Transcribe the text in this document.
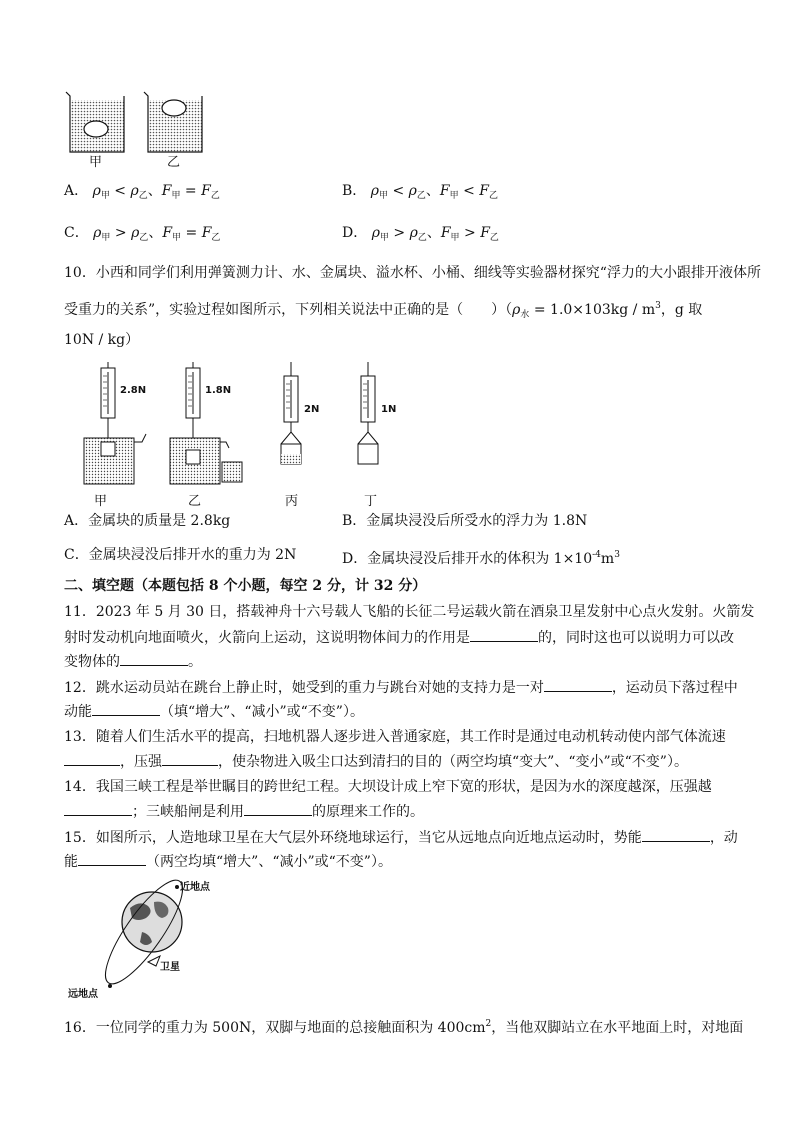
甲	乙
A． $\rho_甲 < \rho_乙$、$F_甲 = F_乙$	B． $\rho_甲 < \rho_乙$、$F_甲 < F_乙$
C． $\rho_甲 > \rho_乙$、$F_甲 = F_乙$	D． $\rho_甲 > \rho_乙$、$F_甲 > F_乙$
10．小西和同学们利用弹簧测力计、水、金属块、溢水杯、小桶、细线等实验器材探究“浮力的大小跟排开液体所
受重力的关系”，实验过程如图所示，下列相关说法中正确的是（　　）（$\rho_水 = 1.0\times 103kg / m^3$，g 取
10N / kg）
2.8N	1.8N
2N	1N
甲	乙	丙	丁
A．金属块的质量是 2.8kg	B．金属块浸没后所受水的浮力为 1.8N
C．金属块浸没后排开水的重力为 2N	D．金属块浸没后排开水的体积为 $1\times 10^{-4}m^3$
二、填空题（本题包括 8 个小题，每空 2 分，计 32 分）
11．2023 年 5 月 30 日，搭载神舟十六号载人飞船的长征二号运载火箭在酒泉卫星发射中心点火发射。火箭发
射时发动机向地面喷火，火箭向上运动，这说明物体间力的作用是	的，同时这也可以说明力可以改
变物体的	。
12．跳水运动员站在跳台上静止时，她受到的重力与跳台对她的支持力是一对	，运动员下落过程中
动能	（填“增大”、“减小”或“不变”）。
13．随着人们生活水平的提高，扫地机器人逐步进入普通家庭，其工作时是通过电动机转动使内部气体流速
，压强	，使杂物进入吸尘口达到清扫的目的（两空均填“变大”、“变小”或“不变”）。
14．我国三峡工程是举世瞩目的跨世纪工程。大坝设计成上窄下宽的形状，是因为水的深度越深，压强越
；三峡船闸是利用	的原理来工作的。
15．如图所示，人造地球卫星在大气层外环绕地球运行，当它从远地点向近地点运动时，势能	，动
能	（两空均填“增大”、“减小”或“不变”）。
近地点
卫星
远地点
16．一位同学的重力为 500N，双脚与地面的总接触面积为 $400cm^2$，当他双脚站立在水平地面上时，对地面
